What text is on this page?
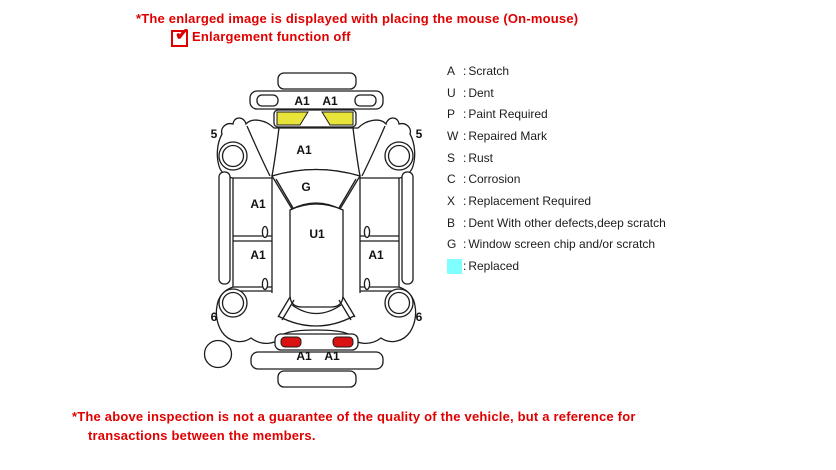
*The enlarged image is displayed with placing the mouse (On-mouse)
✔ Enlargement function off
A1 A1
A1
G
A1
U1
A1	A1
A1 A1
5	5
6	6
A : Scratch
U : Dent
P : Paint Required
W : Repaired Mark
S : Rust
C : Corrosion
X : Replacement Required
B : Dent With other defects,deep scratch
G : Window screen chip and/or scratch
: Replaced
*The above inspection is not a guarantee of the quality of the vehicle, but a reference for
transactions between the members.
